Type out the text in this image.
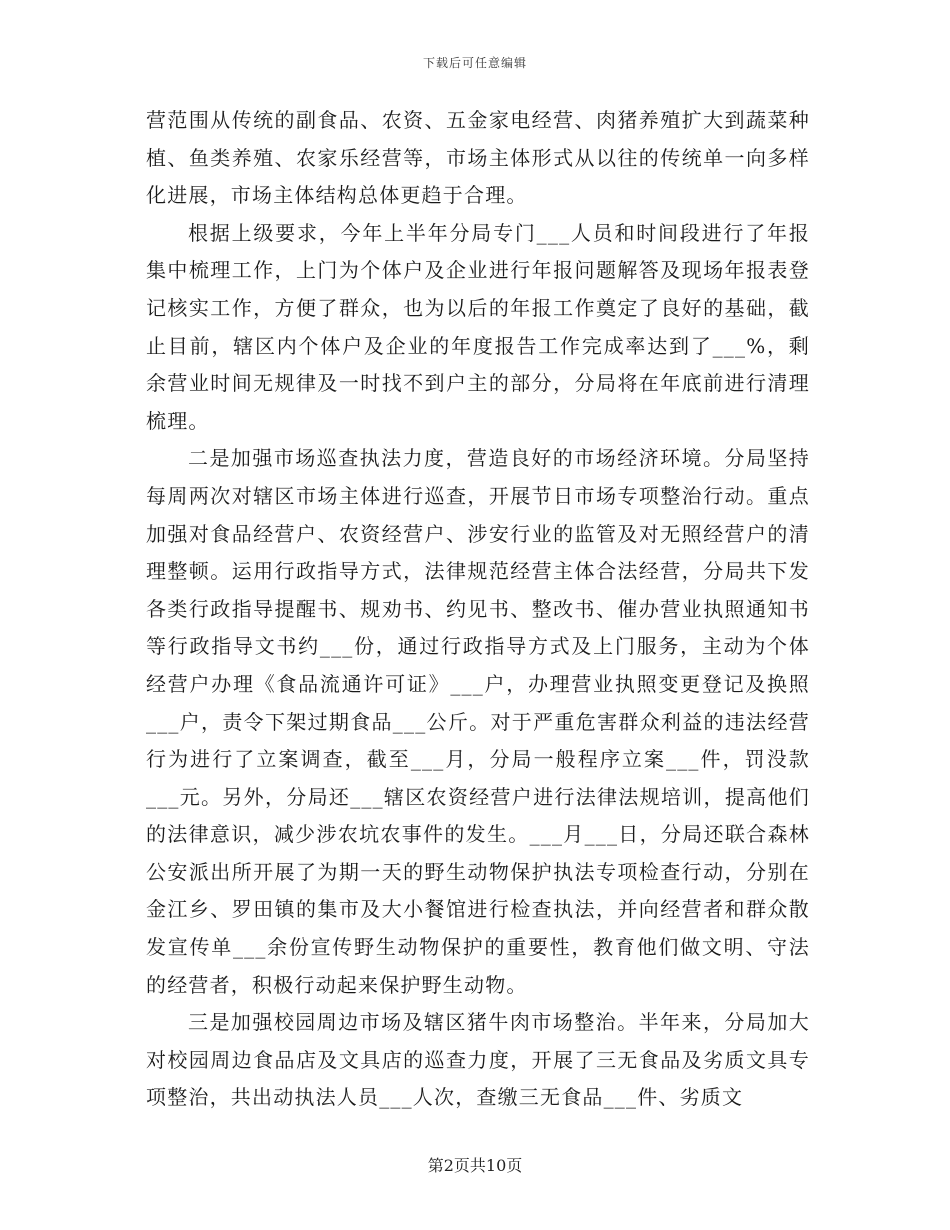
下载后可任意编辑

营范围从传统的副食品、农资、五金家电经营、肉猪养殖扩大到蔬菜种植、鱼类养殖、农家乐经营等，市场主体形式从以往的传统单一向多样化进展，市场主体结构总体更趋于合理。

根据上级要求，今年上半年分局专门___人员和时间段进行了年报集中梳理工作，上门为个体户及企业进行年报问题解答及现场年报表登记核实工作，方便了群众，也为以后的年报工作奠定了良好的基础，截止目前，辖区内个体户及企业的年度报告工作完成率达到了___%，剩余营业时间无规律及一时找不到户主的部分，分局将在年底前进行清理梳理。

二是加强市场巡查执法力度，营造良好的市场经济环境。分局坚持每周两次对辖区市场主体进行巡查，开展节日市场专项整治行动。重点加强对食品经营户、农资经营户、涉安行业的监管及对无照经营户的清理整顿。运用行政指导方式，法律规范经营主体合法经营，分局共下发各类行政指导提醒书、规劝书、约见书、整改书、催办营业执照通知书等行政指导文书约___份，通过行政指导方式及上门服务，主动为个体经营户办理《食品流通许可证》___户，办理营业执照变更登记及换照___户，责令下架过期食品___公斤。对于严重危害群众利益的违法经营行为进行了立案调查，截至___月，分局一般程序立案___件，罚没款___元。另外，分局还___辖区农资经营户进行法律法规培训，提高他们的法律意识，减少涉农坑农事件的发生。___月___日，分局还联合森林公安派出所开展了为期一天的野生动物保护执法专项检查行动，分别在金江乡、罗田镇的集市及大小餐馆进行检查执法，并向经营者和群众散发宣传单___余份宣传野生动物保护的重要性，教育他们做文明、守法的经营者，积极行动起来保护野生动物。

三是加强校园周边市场及辖区猪牛肉市场整治。半年来，分局加大对校园周边食品店及文具店的巡查力度，开展了三无食品及劣质文具专项整治，共出动执法人员___人次，查缴三无食品___件、劣质文

第2页共10页
